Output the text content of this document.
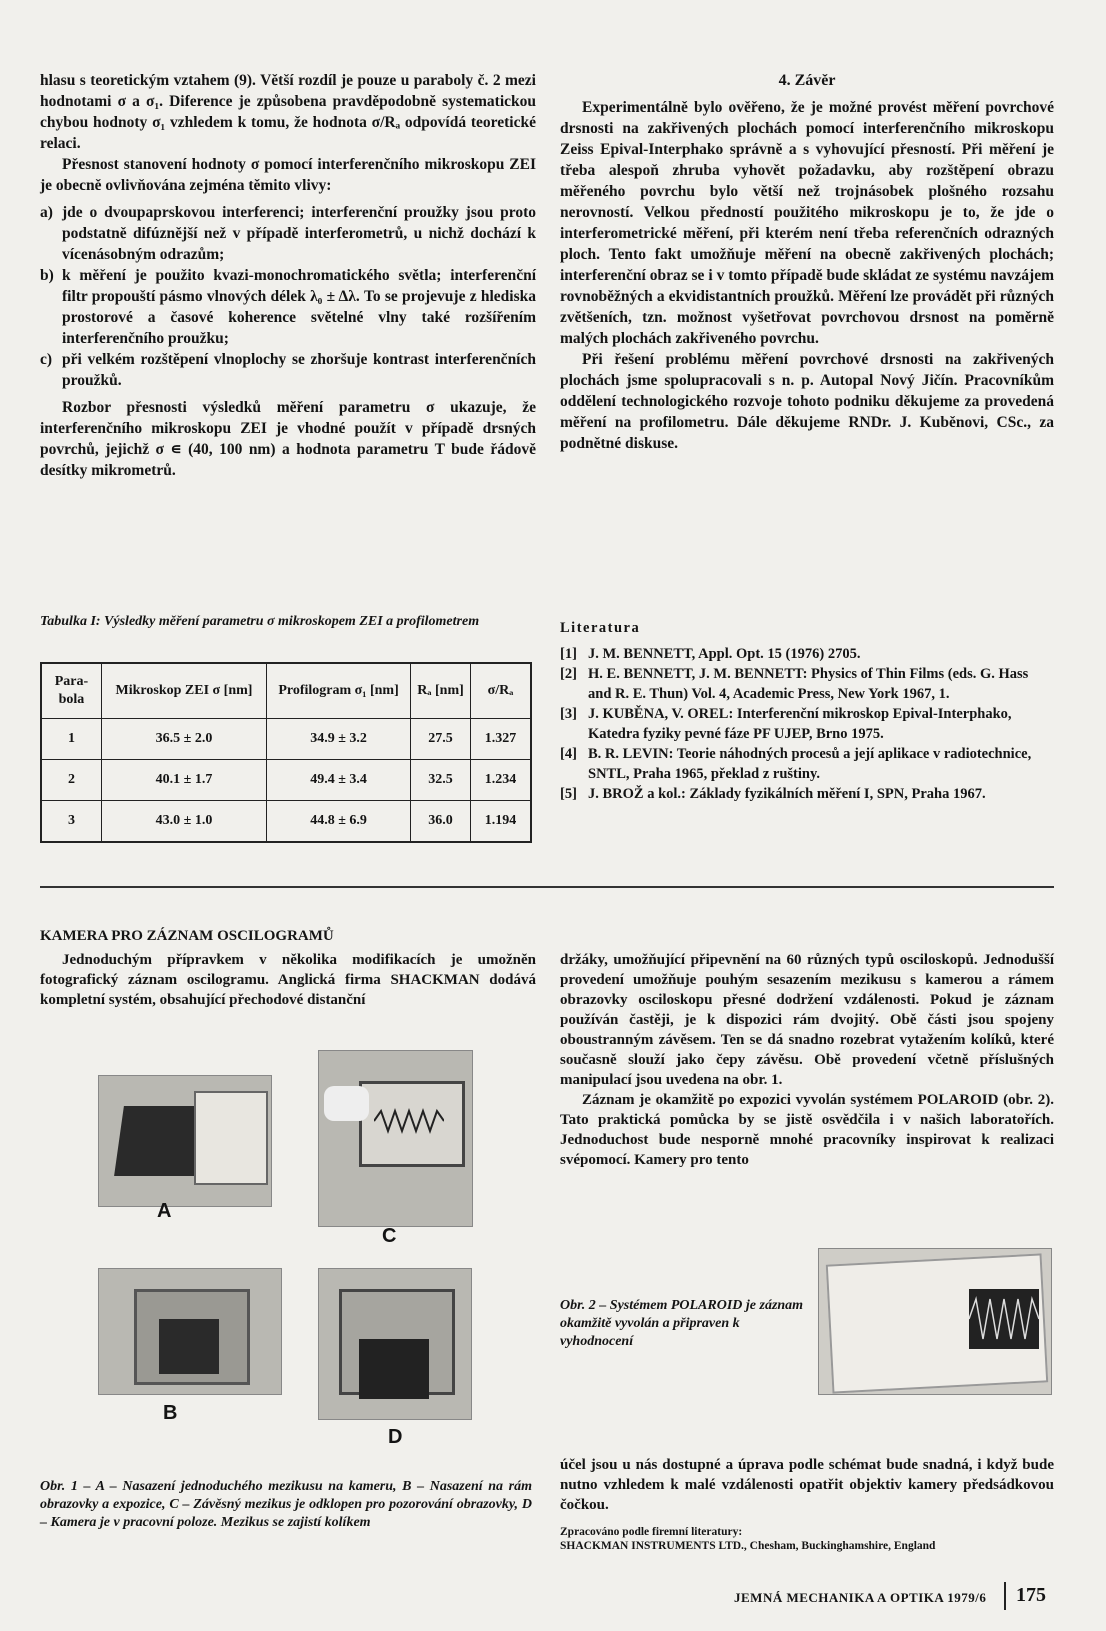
hlasu s teoretickým vztahem (9). Větší rozdíl je pouze u paraboly č. 2 mezi hodnotami σ a σ₁. Diference je způsobena pravděpodobně systematickou chybou hodnoty σ₁ vzhledem k tomu, že hodnota σ/Rₐ odpovídá teoretické relaci.

Přesnost stanovení hodnoty σ pomocí interferenčního mikroskopu ZEI je obecně ovlivňována zejména těmito vlivy:

a) jde o dvoupaprskovou interferenci; interferenční proužky jsou proto podstatně difúznější než v případě interferometrů, u nichž dochází k vícenásobným odrazům;
b) k měření je použito kvazi-monochromatického světla; interferenční filtr propouští pásmo vlnových délek λ₀ ± Δλ. To se projevuje z hlediska prostorové a časové koherence světelné vlny také rozšířením interferenčního proužku;
c) při velkém rozštěpení vlnoplochy se zhoršuje kontrast interferenčních proužků.

Rozbor přesnosti výsledků měření parametru σ ukazuje, že interferenčního mikroskopu ZEI je vhodné použít v případě drsných povrchů, jejichž σ ∊ (40, 100 nm) a hodnota parametru T bude řádově desítky mikrometrů.

4. Závěr

Experimentálně bylo ověřeno, že je možné provést měření povrchové drsnosti na zakřivených plochách pomocí interferenčního mikroskopu Zeiss Epival-Interphako správně a s vyhovující přesností. Při měření je třeba alespoň zhruba vyhovět požadavku, aby rozštěpení obrazu měřeného povrchu bylo větší než trojnásobek plošného rozsahu nerovností. Velkou předností použitého mikroskopu je to, že jde o interferometrické měření, při kterém není třeba referenčních odrazných ploch. Tento fakt umožňuje měření na obecně zakřivených plochách; interferenční obraz se i v tomto případě bude skládat ze systému navzájem rovnoběžných a ekvidistantních proužků. Měření lze provádět při různých zvětšeních, tzn. možnost vyšetřovat povrchovou drsnost na poměrně malých plochách zakřiveného povrchu.

Při řešení problému měření povrchové drsnosti na zakřivených plochách jsme spolupracovali s n. p. Autopal Nový Jičín. Pracovníkům oddělení technologického rozvoje tohoto podniku děkujeme za provedená měření na profilometru. Dále děkujeme RNDr. J. Kuběnovi, CSc., za podnětné diskuse.

Tabulka I: Výsledky měření parametru σ mikroskopem ZEI a profilometrem
Para-bola	Mikroskop ZEI σ [nm]	Profilogram σ₁ [nm]	Rₐ [nm]	σ/Rₐ
1	36.5 ± 2.0	34.9 ± 3.2	27.5	1.327
2	40.1 ± 1.7	49.4 ± 3.4	32.5	1.234
3	43.0 ± 1.0	44.8 ± 6.9	36.0	1.194
Literatura
[1] J. M. BENNETT, Appl. Opt. 15 (1976) 2705.
[2] H. E. BENNETT, J. M. BENNETT: Physics of Thin Films (eds. G. Hass and R. E. Thun) Vol. 4, Academic Press, New York 1967, 1.
[3] J. KUBĚNA, V. OREL: Interferenční mikroskop Epival-Interphako, Katedra fyziky pevné fáze PF UJEP, Brno 1975.
[4] B. R. LEVIN: Teorie náhodných procesů a její aplikace v radiotechnice, SNTL, Praha 1965, překlad z ruštiny.
[5] J. BROŽ a kol.: Základy fyzikálních měření I, SPN, Praha 1967.
KAMERA PRO ZÁZNAM OSCILOGRAMŮ

Jednoduchým přípravkem v několika modifikacích je umožněn fotografický záznam oscilogramu. Anglická firma SHACKMAN dodává kompletní systém, obsahující přechodové distanční

držáky, umožňující připevnění na 60 různých typů osciloskopů. Jednodušší provedení umožňuje pouhým sesazením mezikusu s kamerou a rámem obrazovky osciloskopu přesné dodržení vzdálenosti. Pokud je záznam používán častěji, je k dispozici rám dvojitý. Obě části jsou spojeny oboustranným závěsem. Ten se dá snadno rozebrat vytažením kolíků, které současně slouží jako čepy závěsu. Obě provedení včetně příslušných manipulací jsou uvedena na obr. 1.

Záznam je okamžitě po expozici vyvolán systémem POLAROID (obr. 2). Tato praktická pomůcka by se jistě osvědčila i v našich laboratořích. Jednoduchost bude nesporně mnohé pracovníky inspirovat k realizaci svépomocí. Kamery pro tento

A
C
B
D
Obr. 1 – A – Nasazení jednoduchého mezikusu na kameru, B – Nasazení na rám obrazovky a expozice, C – Závěsný mezikus je odklopen pro pozorování obrazovky, D – Kamera je v pracovní poloze. Mezikus se zajistí kolíkem
Obr. 2 – Systémem POLAROID je záznam okamžitě vyvolán a připraven k vyhodnocení

účel jsou u nás dostupné a úprava podle schémat bude snadná, i když bude nutno vzhledem k malé vzdálenosti opatřit objektiv kamery předsádkovou čočkou.

Zpracováno podle firemní literatury:
SHACKMAN INSTRUMENTS LTD., Chesham, Buckinghamshire, England
JEMNÁ MECHANIKA A OPTIKA 1979/6 175
